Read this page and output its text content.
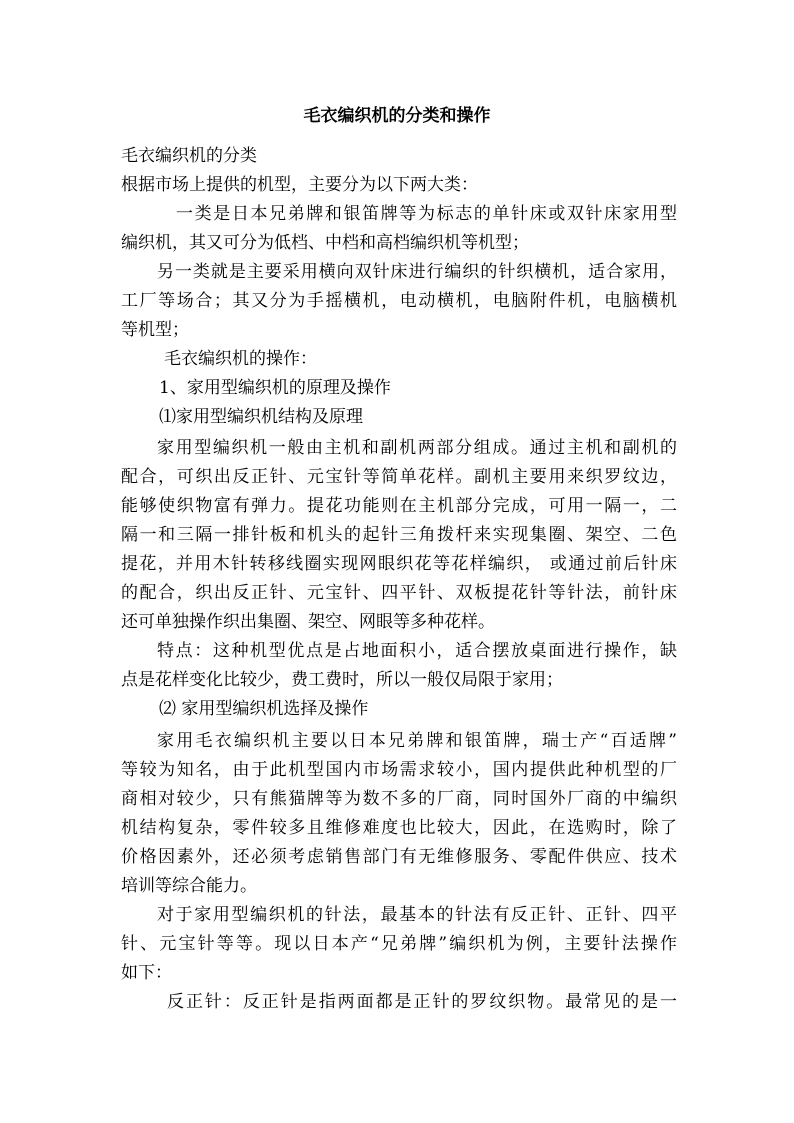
毛衣编织机的分类和操作
毛衣编织机的分类
根据市场上提供的机型，主要分为以下两大类：
一类是日本兄弟牌和银笛牌等为标志的单针床或双针床家用型
编织机，其又可分为低档、中档和高档编织机等机型；
另一类就是主要采用横向双针床进行编织的针织横机，适合家用，
工厂等场合；其又分为手摇横机，电动横机，电脑附件机，电脑横机
等机型；
毛衣编织机的操作：
1、家用型编织机的原理及操作
⑴家用型编织机结构及原理
家用型编织机一般由主机和副机两部分组成。通过主机和副机的
配合，可织出反正针、元宝针等简单花样。副机主要用来织罗纹边，
能够使织物富有弹力。提花功能则在主机部分完成，可用一隔一，二
隔一和三隔一排针板和机头的起针三角拨杆来实现集圈、架空、二色
提花，并用木针转移线圈实现网眼织花等花样编织， 或通过前后针床
的配合，织出反正针、元宝针、四平针、双板提花针等针法，前针床
还可单独操作织出集圈、架空、网眼等多种花样。
特点：这种机型优点是占地面积小，适合摆放桌面进行操作，缺
点是花样变化比较少，费工费时，所以一般仅局限于家用；
⑵ 家用型编织机选择及操作
家用毛衣编织机主要以日本兄弟牌和银笛牌，瑞士产“百适牌”
等较为知名，由于此机型国内市场需求较小，国内提供此种机型的厂
商相对较少，只有熊猫牌等为数不多的厂商，同时国外厂商的中编织
机结构复杂，零件较多且维修难度也比较大，因此，在选购时，除了
价格因素外，还必须考虑销售部门有无维修服务、零配件供应、技术
培训等综合能力。
对于家用型编织机的针法，最基本的针法有反正针、正针、四平
针、元宝针等等。现以日本产“兄弟牌”编织机为例，主要针法操作
如下：
反正针：反正针是指两面都是正针的罗纹织物。最常见的是一
